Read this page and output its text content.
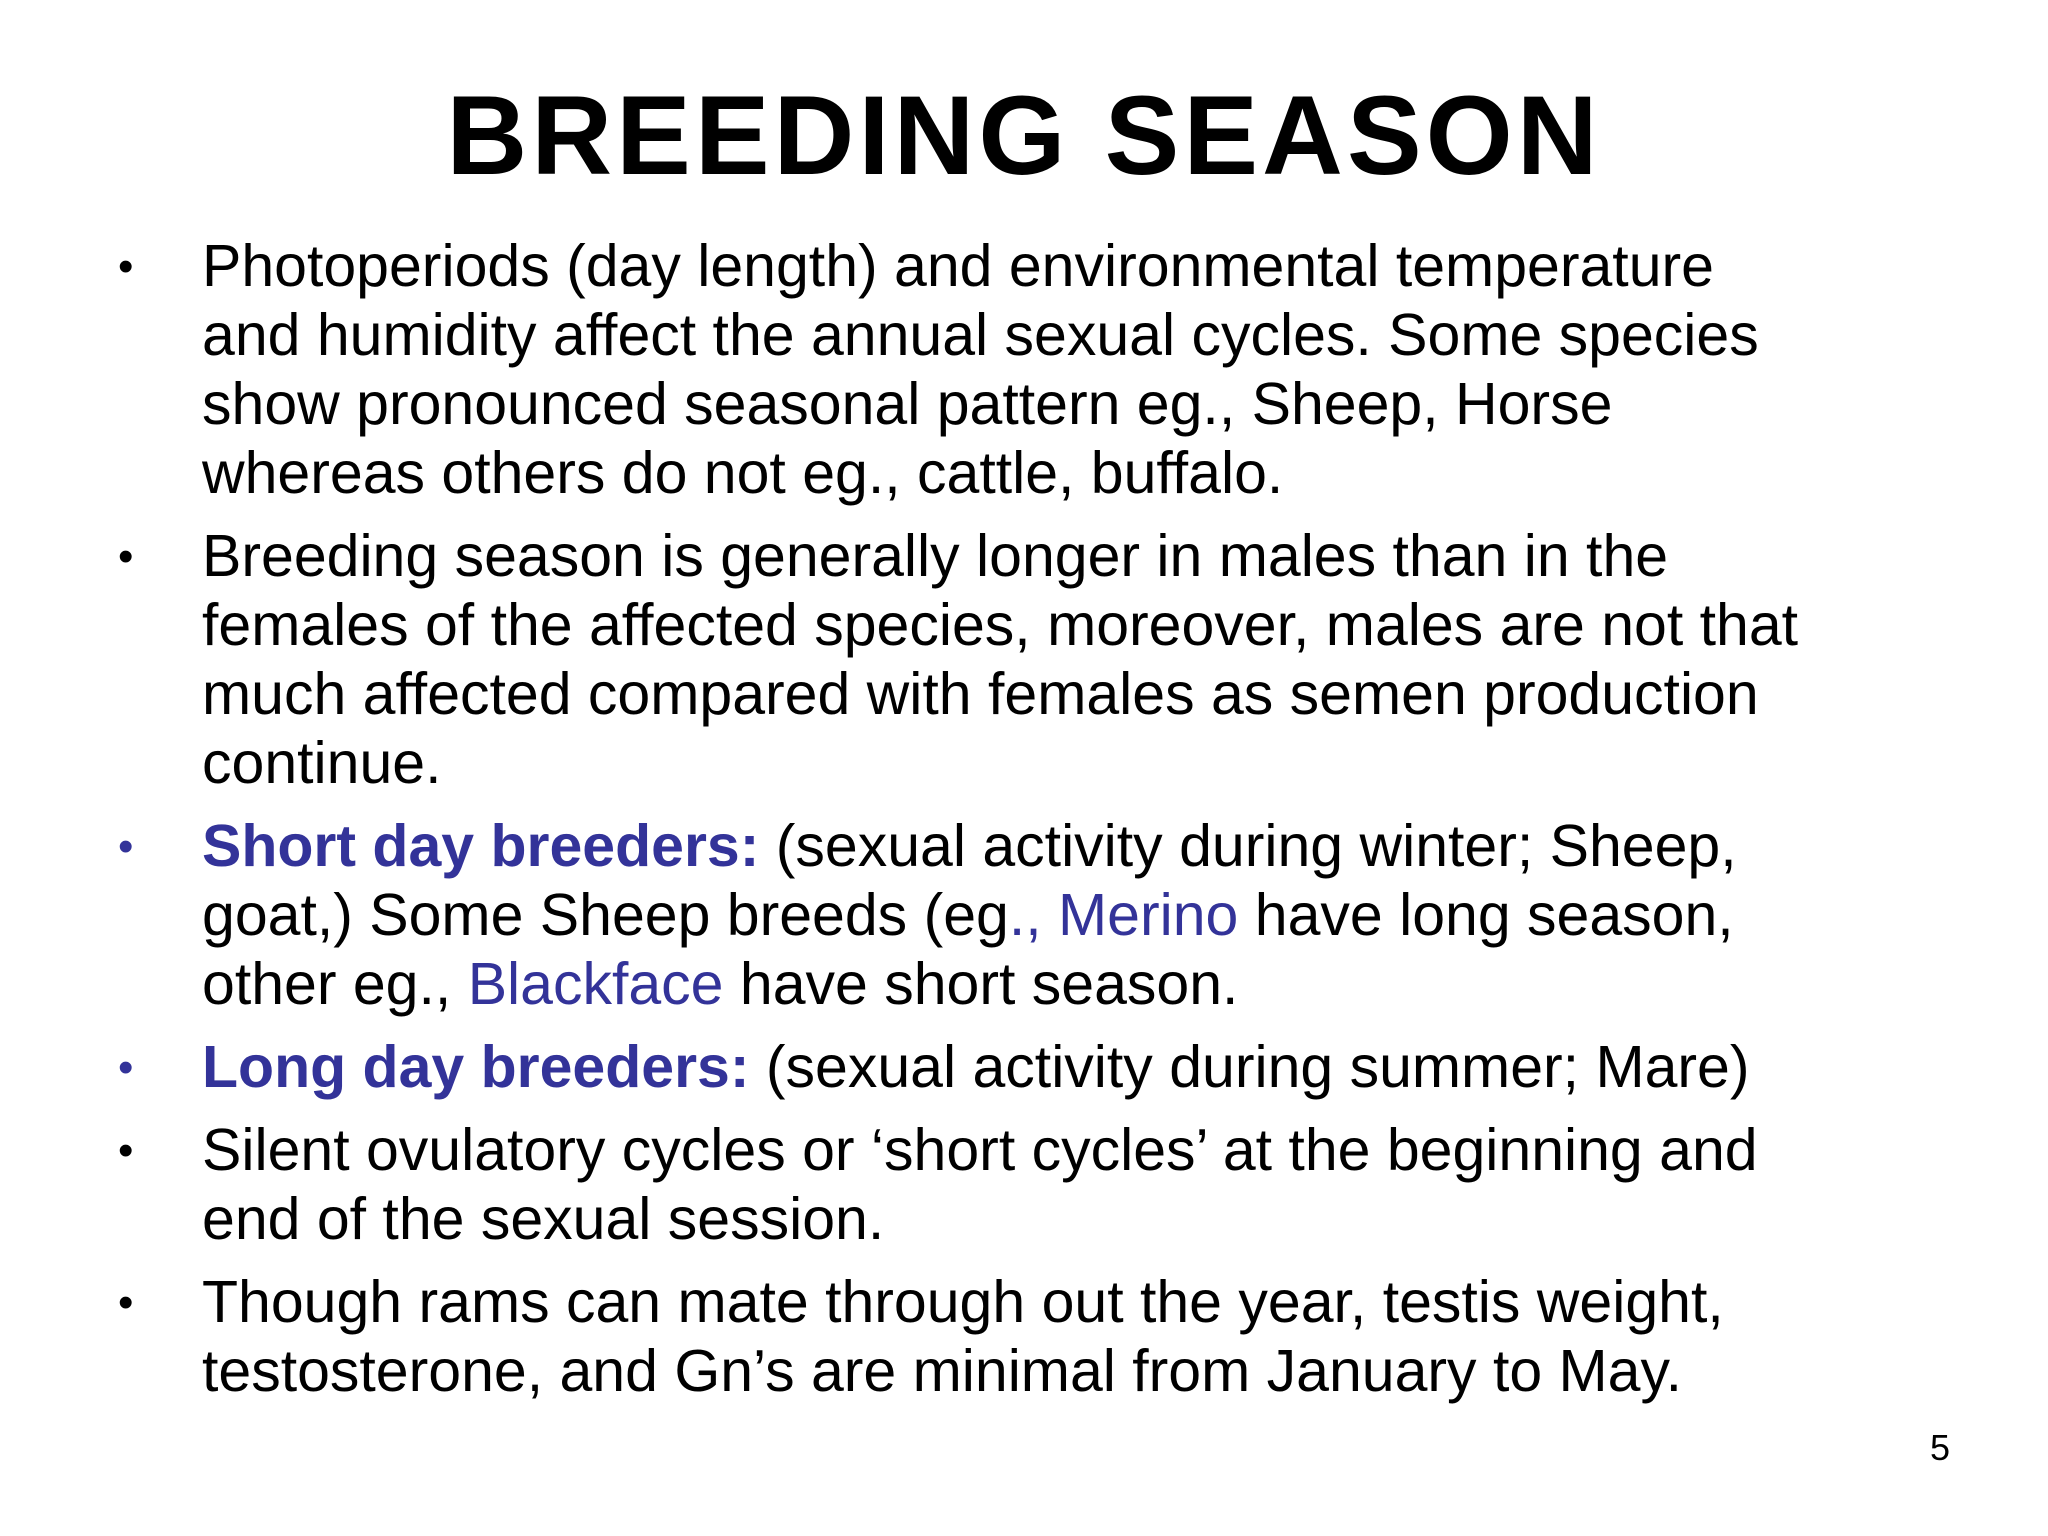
BREEDING SEASON
•	Photoperiods (day length) and environmental temperature
and humidity affect the annual sexual cycles. Some species
show pronounced seasonal pattern eg., Sheep, Horse
whereas others do not eg., cattle, buffalo.
•	Breeding season is generally longer in males than in the
females of the affected species, moreover, males are not that
much affected compared with females as semen production
continue.
•	Short day breeders: (sexual activity during winter; Sheep,
goat,) Some Sheep breeds (eg., Merino have long season,
other eg., Blackface have short season.
•	Long day breeders: (sexual activity during summer; Mare)
•	Silent ovulatory cycles or ‘short cycles’ at the beginning and
end of the sexual session.
•	Though rams can mate through out the year, testis weight,
testosterone, and Gn’s are minimal from January to May.
5
